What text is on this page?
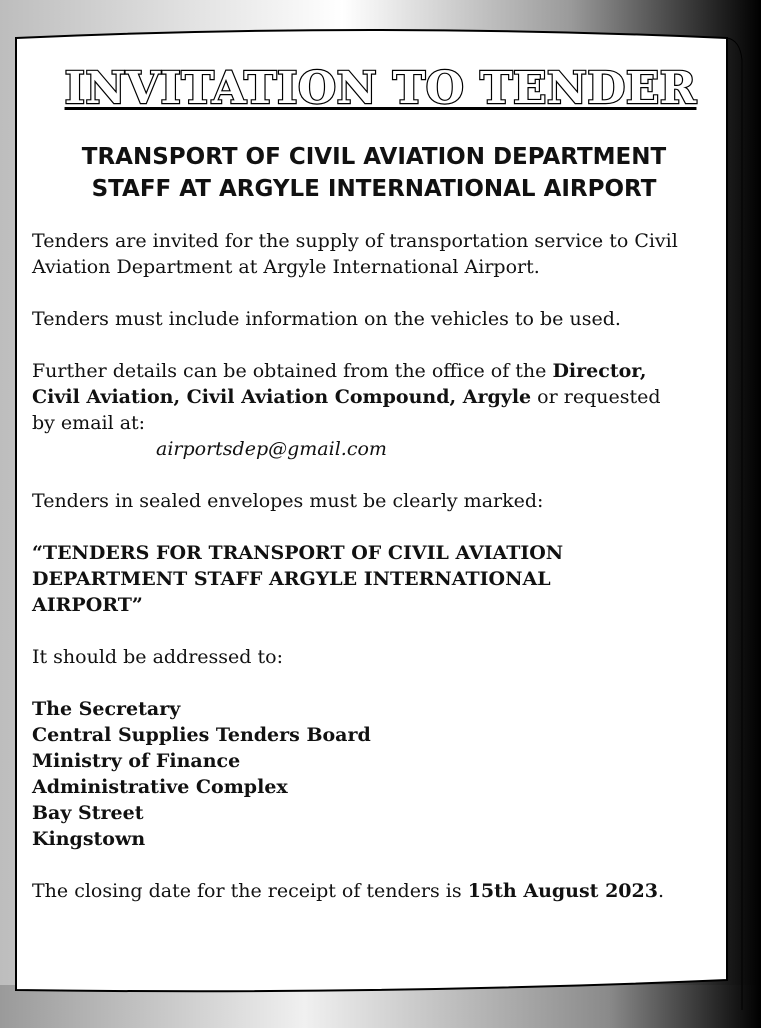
INVITATION TO TENDER
TRANSPORT OF CIVIL AVIATION DEPARTMENT
STAFF AT ARGYLE INTERNATIONAL AIRPORT
Tenders are invited for the supply of transportation service to Civil
Aviation Department at Argyle International Airport.
Tenders must include information on the vehicles to be used.
Further details can be obtained from the office of the Director,
Civil Aviation, Civil Aviation Compound, Argyle or requested
by email at:
airportsdep@gmail.com
Tenders in sealed envelopes must be clearly marked:
“TENDERS FOR TRANSPORT OF CIVIL AVIATION
DEPARTMENT STAFF ARGYLE INTERNATIONAL
AIRPORT”
It should be addressed to:
The Secretary
Central Supplies Tenders Board
Ministry of Finance
Administrative Complex
Bay Street
Kingstown
The closing date for the receipt of tenders is 15th August 2023.
